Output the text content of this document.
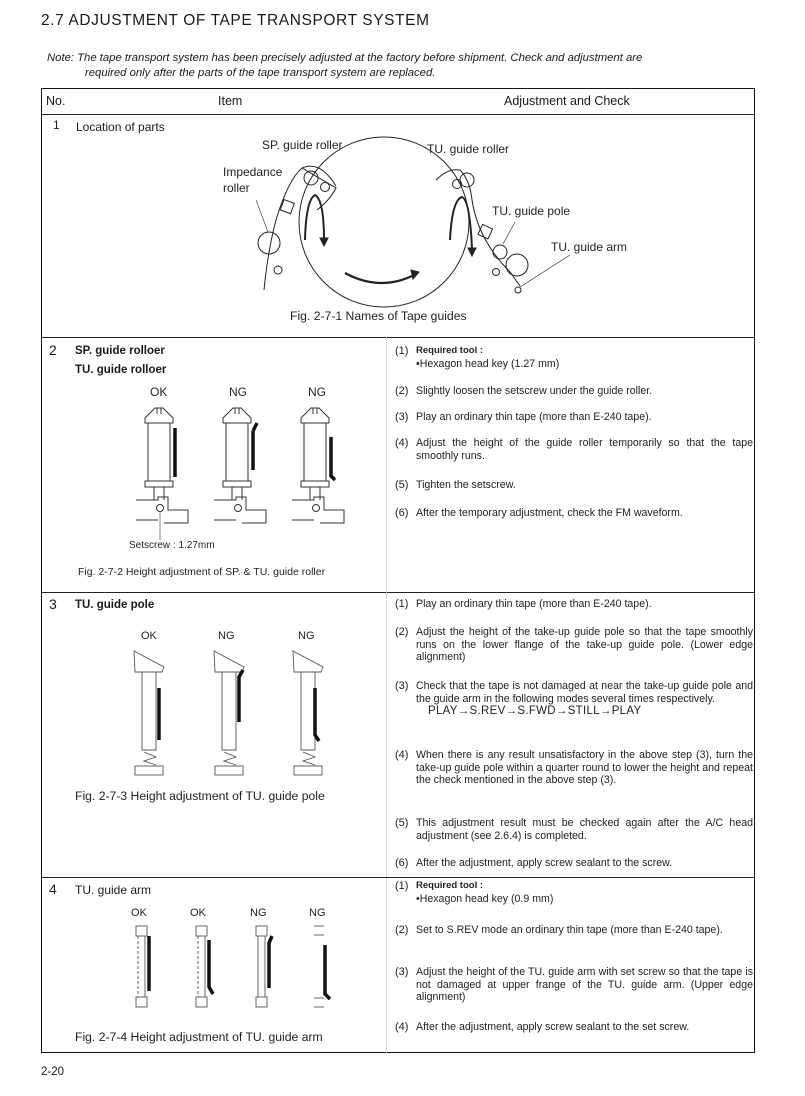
2.7 ADJUSTMENT OF TAPE TRANSPORT SYSTEM
Note: The tape transport system has been precisely adjusted at the factory before shipment. Check and adjustment are
required only after the parts of the tape transport system are replaced.
No.	Item	Adjustment and Check
1 Location of parts
SP. guide roller	TU. guide roller
Impedance
roller
TU. guide pole
TU. guide arm
Fig. 2-7-1 Names of Tape guides
2 SP. guide rolloer
TU. guide rolloer
OK	NG	NG
Setscrew : 1.27mm
Fig. 2-7-2 Height adjustment of SP. & TU. guide roller
(1) Required tool :
•Hexagon head key (1.27 mm)
(2) Slightly loosen the setscrew under the guide roller.
(3) Play an ordinary thin tape (more than E-240 tape).
(4) Adjust the height of the guide roller temporarily so that the tape smoothly runs.
(5) Tighten the setscrew.
(6) After the temporary adjustment, check the FM waveform.
3 TU. guide pole
OK	NG	NG
Fig. 2-7-3 Height adjustment of TU. guide pole
(1) Play an ordinary thin tape (more than E-240 tape).
(2) Adjust the height of the take-up guide pole so that the tape smoothly runs on the lower flange of the take-up guide pole. (Lower edge alignment)
(3) Check that the tape is not damaged at near the take-up guide pole and the guide arm in the following modes several times respectively.
PLAY→S.REV→S.FWD→STILL→PLAY
(4) When there is any result unsatisfactory in the above step (3), turn the take-up guide pole within a quarter round to lower the height and repeat the check mentioned in the above step (3).
(5) This adjustment result must be checked again after the A/C head adjustment (see 2.6.4) is completed.
(6) After the adjustment, apply screw sealant to the screw.
4 TU. guide arm
OK	OK	NG	NG
Fig. 2-7-4 Height adjustment of TU. guide arm
(1) Required tool :
•Hexagon head key (0.9 mm)
(2) Set to S.REV mode an ordinary thin tape (more than E-240 tape).
(3) Adjust the height of the TU. guide arm with set screw so that the tape is not damaged at upper frange of the TU. guide arm. (Upper edge alignment)
(4) After the adjustment, apply screw sealant to the set screw.
2-20
